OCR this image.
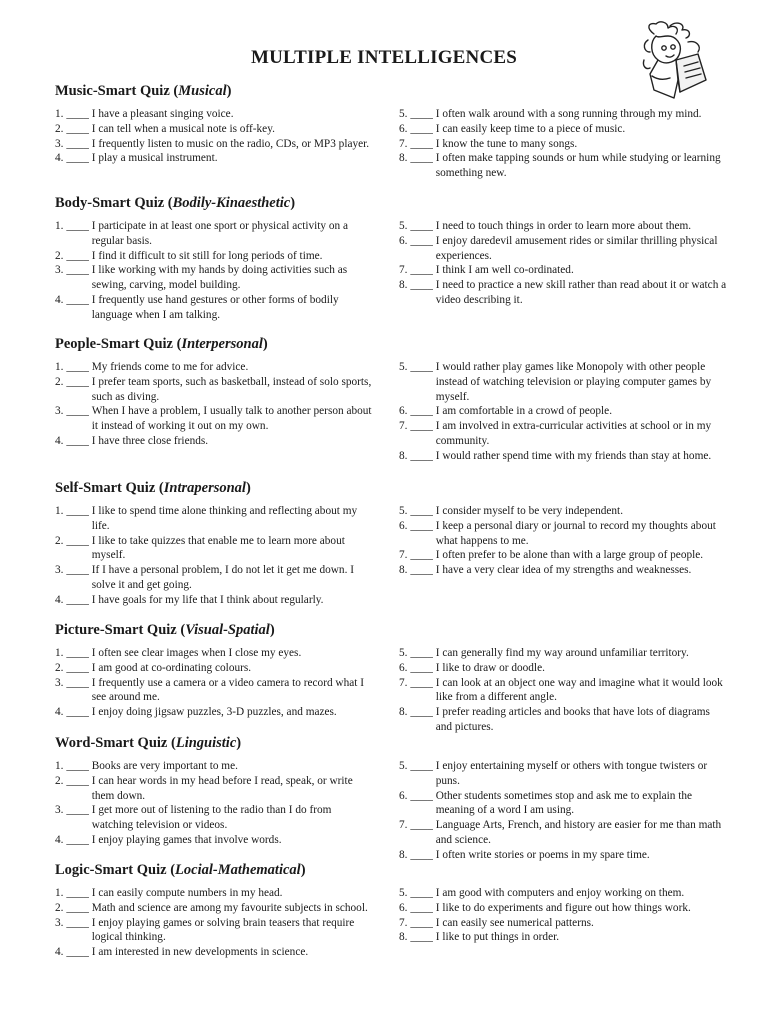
MULTIPLE INTELLIGENCES
Music-Smart Quiz (Musical)
1. ____ I have a pleasant singing voice.
2. ____ I can tell when a musical note is off-key.
3. ____ I frequently listen to music on the radio, CDs, or MP3 player.
4. ____ I play a musical instrument.
5. ____ I often walk around with a song running through my mind.
6. ____ I can easily keep time to a piece of music.
7. ____ I know the tune to many songs.
8. ____ I often make tapping sounds or hum while studying or learning something new.
Body-Smart Quiz (Bodily-Kinaesthetic)
1. ____ I participate in at least one sport or physical activity on a regular basis.
2. ____ I find it difficult to sit still for long periods of time.
3. ____ I like working with my hands by doing activities such as sewing, carving, model building.
4. ____ I frequently use hand gestures or other forms of bodily language when I am talking.
5. ____ I need to touch things in order to learn more about them.
6. ____ I enjoy daredevil amusement rides or similar thrilling physical experiences.
7. ____ I think I am well co-ordinated.
8. ____ I need to practice a new skill rather than read about it or watch a video describing it.
People-Smart Quiz (Interpersonal)
1. ____ My friends come to me for advice.
2. ____ I prefer team sports, such as basketball, instead of solo sports, such as diving.
3. ____ When I have a problem, I usually talk to another person about it instead of working it out on my own.
4. ____ I have three close friends.
5. ____ I would rather play games like Monopoly with other people instead of watching television or playing computer games by myself.
6. ____ I am comfortable in a crowd of people.
7. ____ I am involved in extra-curricular activities at school or in my community.
8. ____ I would rather spend time with my friends than stay at home.
Self-Smart Quiz (Intrapersonal)
1. ____ I like to spend time alone thinking and reflecting about my life.
2. ____ I like to take quizzes that enable me to learn more about myself.
3. ____ If I have a personal problem, I do not let it get me down. I solve it and get going.
4. ____ I have goals for my life that I think about regularly.
5. ____ I consider myself to be very independent.
6. ____ I keep a personal diary or journal to record my thoughts about what happens to me.
7. ____ I often prefer to be alone than with a large group of people.
8. ____ I have a very clear idea of my strengths and weaknesses.
Picture-Smart Quiz (Visual-Spatial)
1. ____ I often see clear images when I close my eyes.
2. ____ I am good at co-ordinating colours.
3. ____ I frequently use a camera or a video camera to record what I see around me.
4. ____ I enjoy doing jigsaw puzzles, 3-D puzzles, and mazes.
5. ____ I can generally find my way around unfamiliar territory.
6. ____ I like to draw or doodle.
7. ____ I can look at an object one way and imagine what it would look like from a different angle.
8. ____ I prefer reading articles and books that have lots of diagrams and pictures.
Word-Smart Quiz (Linguistic)
1. ____ Books are very important to me.
2. ____ I can hear words in my head before I read, speak, or write them down.
3. ____ I get more out of listening to the radio than I do from watching television or videos.
4. ____ I enjoy playing games that involve words.
5. ____ I enjoy entertaining myself or others with tongue twisters or puns.
6. ____ Other students sometimes stop and ask me to explain the meaning of a word I am using.
7. ____ Language Arts, French, and history are easier for me than math and science.
8. ____ I often write stories or poems in my spare time.
Logic-Smart Quiz (Locial-Mathematical)
1. ____ I can easily compute numbers in my head.
2. ____ Math and science are among my favourite subjects in school.
3. ____ I enjoy playing games or solving brain teasers that require logical thinking.
4. ____ I am interested in new developments in science.
5. ____ I am good with computers and enjoy working on them.
6. ____ I like to do experiments and figure out how things work.
7. ____ I can easily see numerical patterns.
8. ____ I like to put things in order.
